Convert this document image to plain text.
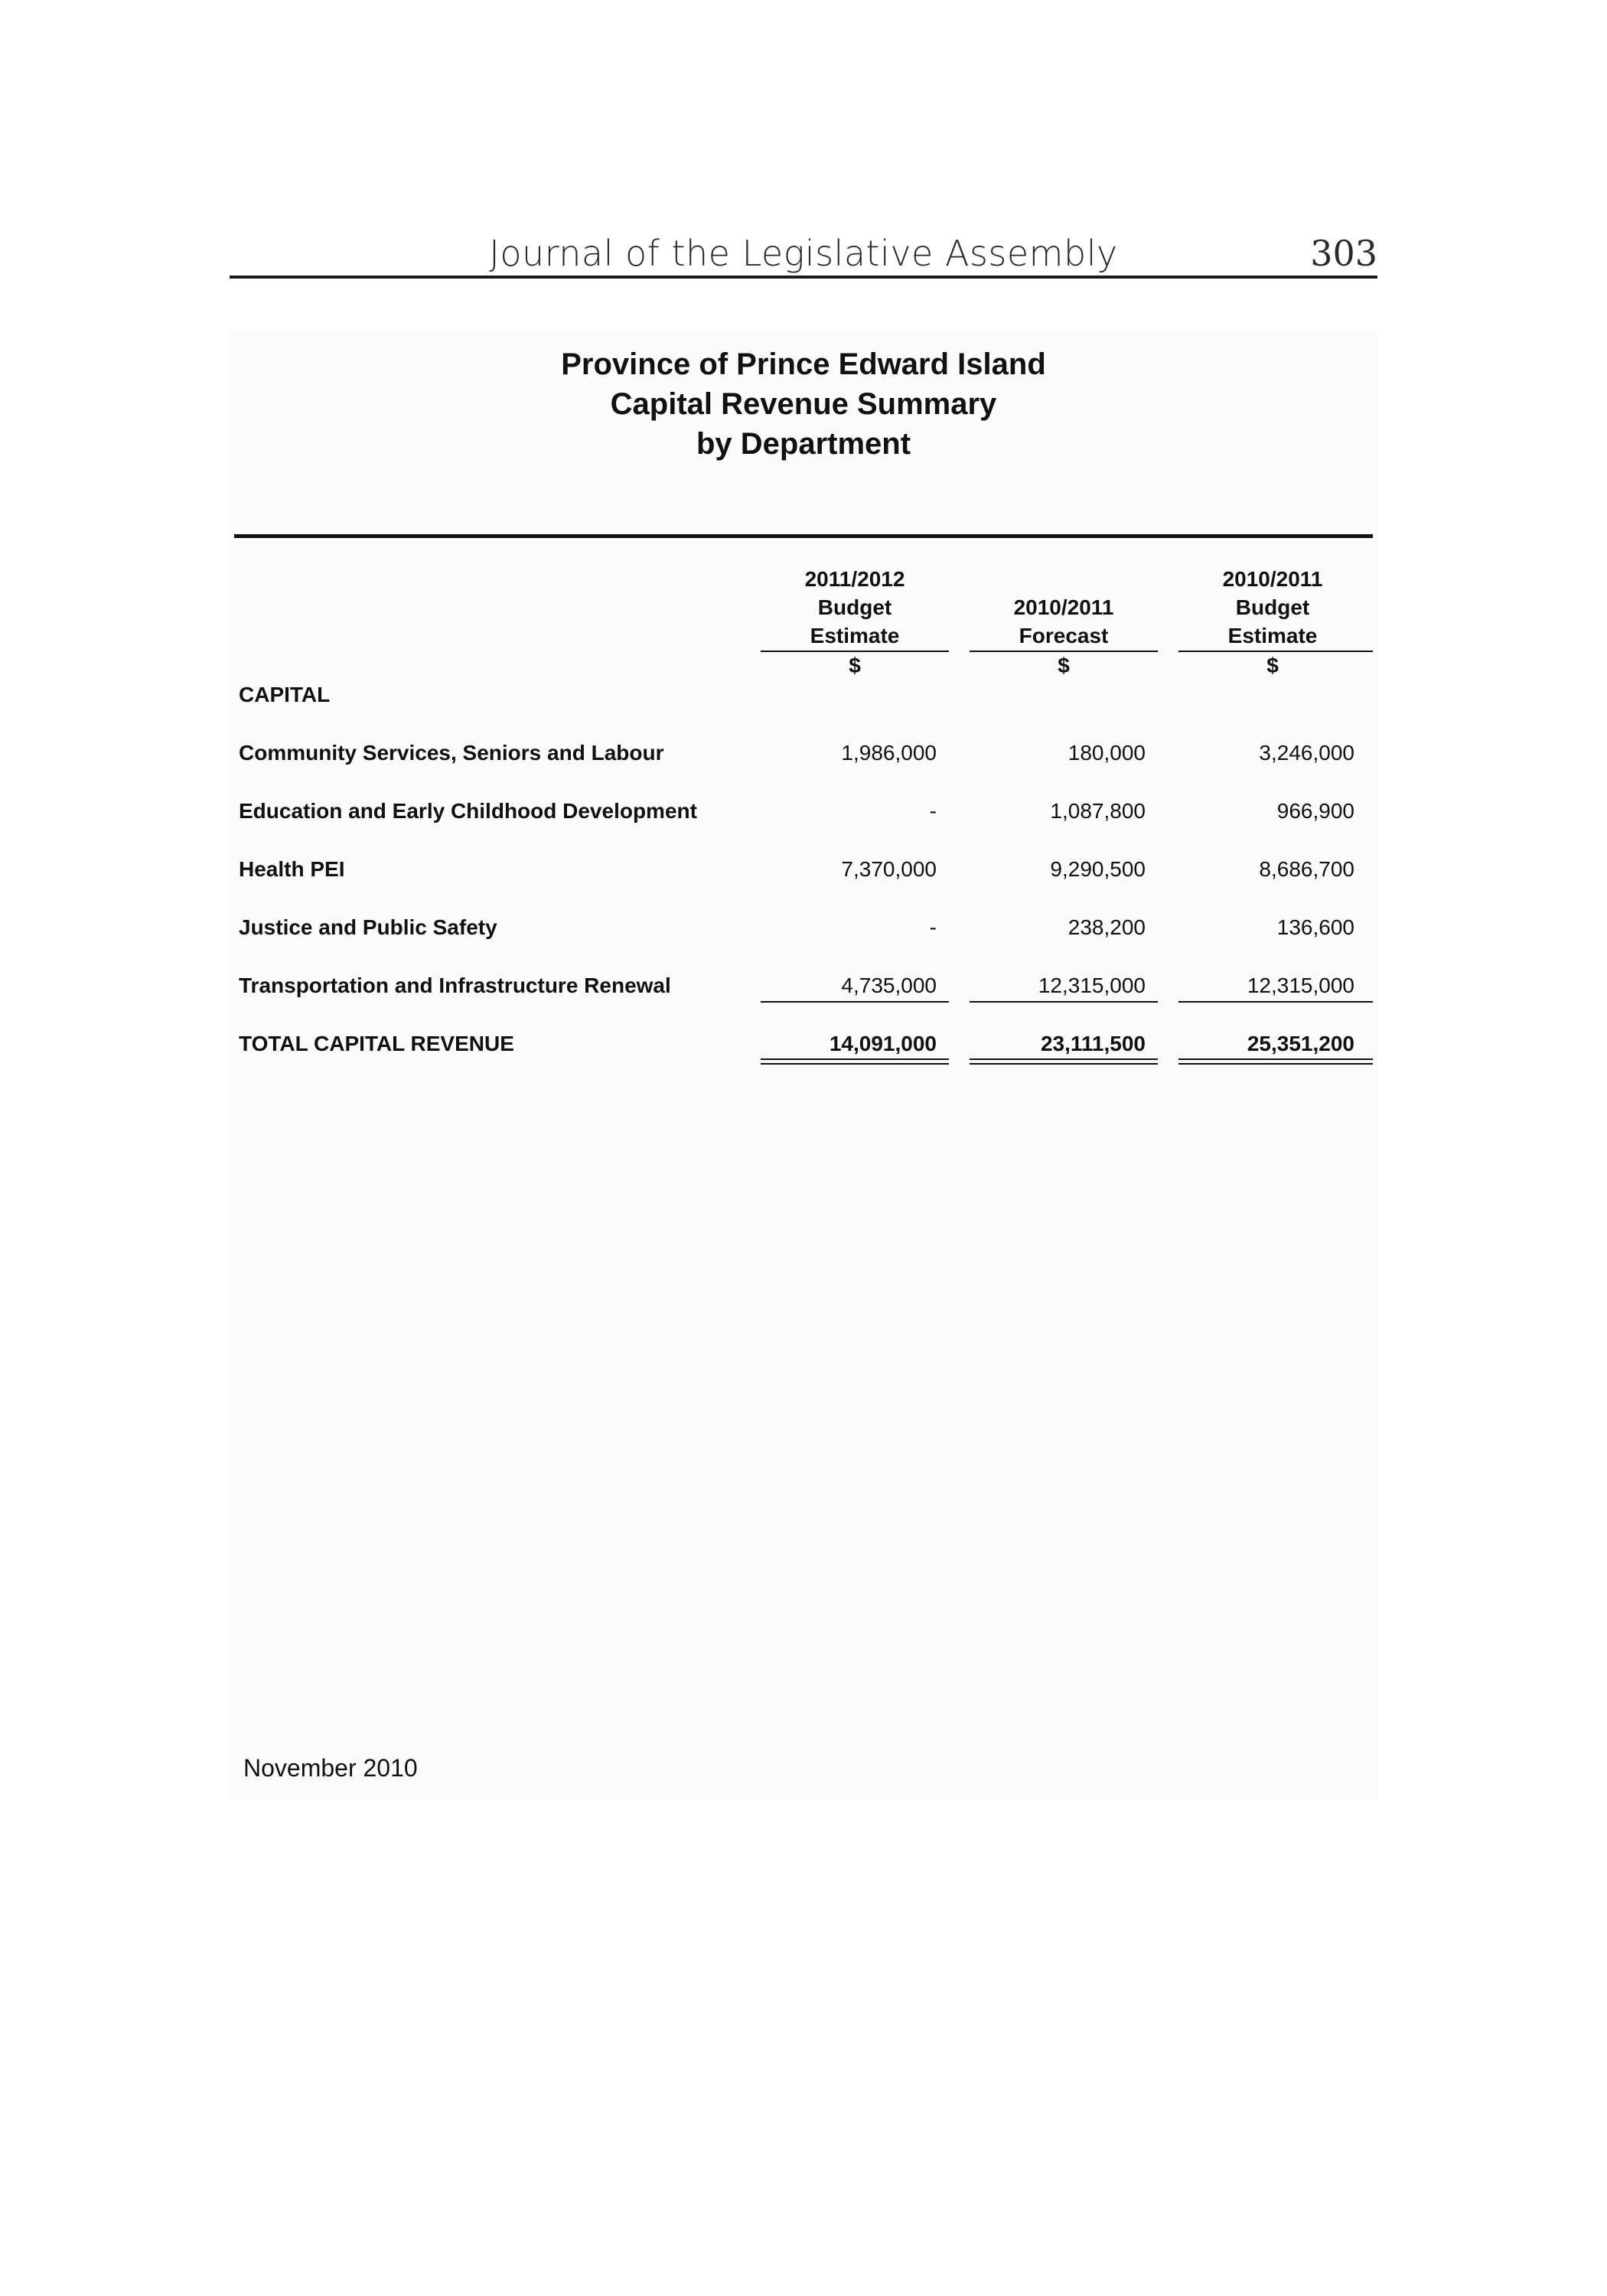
Journal of the Legislative Assembly	303
Province of Prince Edward Island
Capital Revenue Summary
by Department
2011/2012
Budget
Estimate
2010/2011
Forecast
2010/2011
Budget
Estimate
$	$	$
CAPITAL
Community Services, Seniors and Labour	1,986,000	180,000	3,246,000
Education and Early Childhood Development	-	1,087,800	966,900
Health PEI	7,370,000	9,290,500	8,686,700
Justice and Public Safety	-	238,200	136,600
Transportation and Infrastructure Renewal	4,735,000	12,315,000	12,315,000
TOTAL CAPITAL REVENUE	14,091,000	23,111,500	25,351,200
November 2010
